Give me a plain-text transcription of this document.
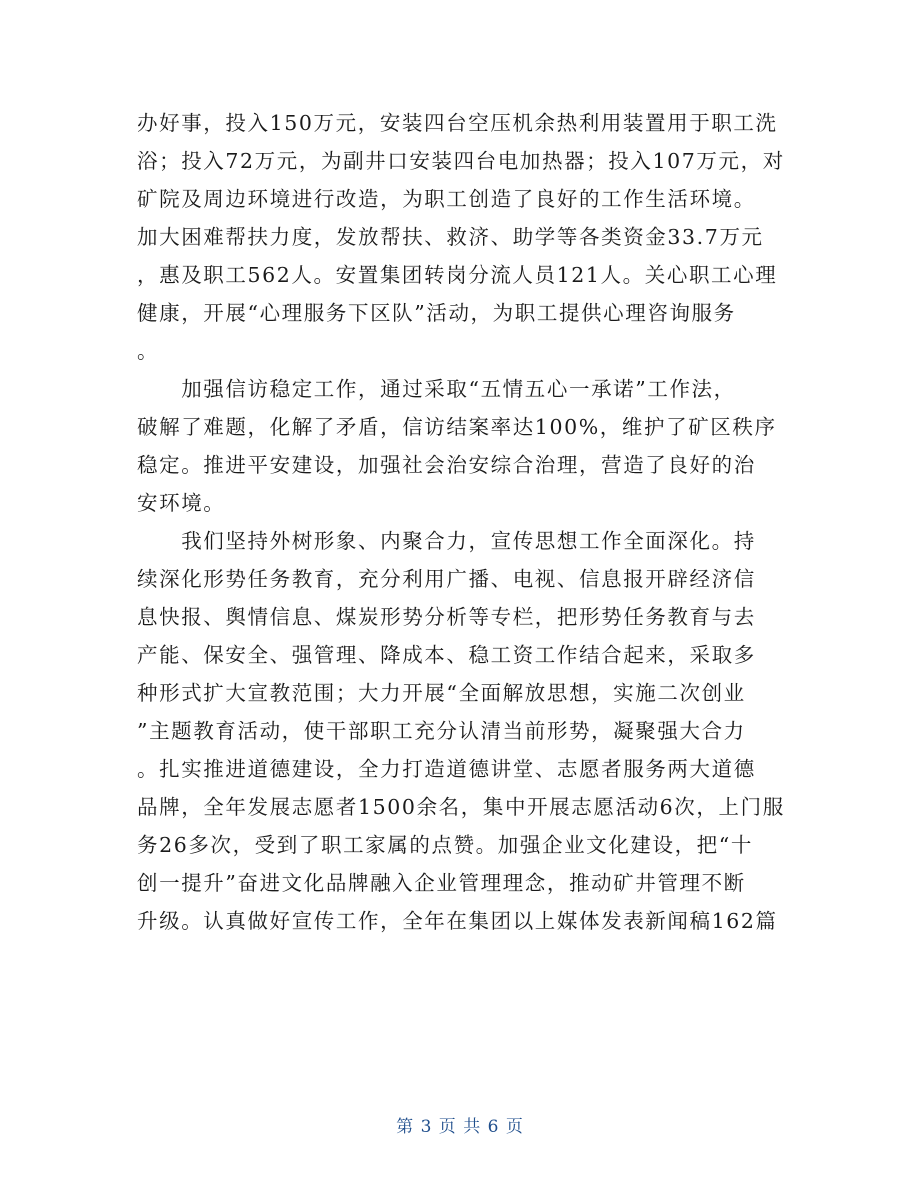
办好事，投入150万元，安装四台空压机余热利用装置用于职工洗
浴；投入72万元，为副井口安装四台电加热器；投入107万元，对
矿院及周边环境进行改造，为职工创造了良好的工作生活环境。
加大困难帮扶力度，发放帮扶、救济、助学等各类资金33.7万元
，惠及职工562人。安置集团转岗分流人员121人。关心职工心理
健康，开展“心理服务下区队”活动，为职工提供心理咨询服务
。
　　加强信访稳定工作，通过采取“五情五心一承诺”工作法，
破解了难题，化解了矛盾，信访结案率达100%，维护了矿区秩序
稳定。推进平安建设，加强社会治安综合治理，营造了良好的治
安环境。
　　我们坚持外树形象、内聚合力，宣传思想工作全面深化。持
续深化形势任务教育，充分利用广播、电视、信息报开辟经济信
息快报、舆情信息、煤炭形势分析等专栏，把形势任务教育与去
产能、保安全、强管理、降成本、稳工资工作结合起来，采取多
种形式扩大宣教范围；大力开展“全面解放思想，实施二次创业
”主题教育活动，使干部职工充分认清当前形势，凝聚强大合力
。扎实推进道德建设，全力打造道德讲堂、志愿者服务两大道德
品牌，全年发展志愿者1500余名，集中开展志愿活动6次，上门服
务26多次，受到了职工家属的点赞。加强企业文化建设，把“十
创一提升”奋进文化品牌融入企业管理理念，推动矿井管理不断
升级。认真做好宣传工作，全年在集团以上媒体发表新闻稿162篇
第 3 页 共 6 页
